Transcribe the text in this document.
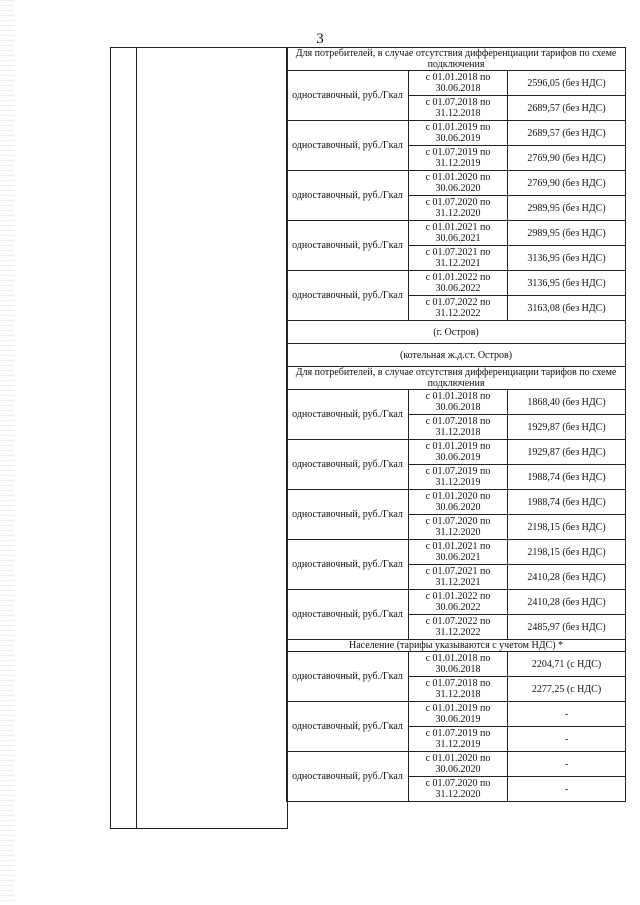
3
Для потребителей, в случае отсутствия дифференциации тарифов по схеме подключения		
одноставочный, руб./Гкал	с 01.01.2018 по 30.06.2018	2596,05 (без НДС)
	с 01.07.2018 по 31.12.2018	2689,57 (без НДС)
одноставочный, руб./Гкал	с 01.01.2019 по 30.06.2019	2689,57 (без НДС)
	с 01.07.2019 по 31.12.2019	2769,90 (без НДС)
одноставочный, руб./Гкал	с 01.01.2020 по 30.06.2020	2769,90 (без НДС)
	с 01.07.2020 по 31.12.2020	2989,95 (без НДС)
одноставочный, руб./Гкал	с 01.01.2021 по 30.06.2021	2989,95 (без НДС)
	с 01.07.2021 по 31.12.2021	3136,95 (без НДС)
одноставочный, руб./Гкал	с 01.01.2022 по 30.06.2022	3136,95 (без НДС)
	с 01.07.2022 по 31.12.2022	3163,08 (без НДС)
(г. Остров)		
(котельная ж.д.ст. Остров)		
Для потребителей, в случае отсутствия дифференциации тарифов по схеме подключения		
одноставочный, руб./Гкал	с 01.01.2018 по 30.06.2018	1868,40 (без НДС)
	с 01.07.2018 по 31.12.2018	1929,87 (без НДС)
одноставочный, руб./Гкал	с 01.01.2019 по 30.06.2019	1929,87 (без НДС)
	с 01.07.2019 по 31.12.2019	1988,74 (без НДС)
одноставочный, руб./Гкал	с 01.01.2020 по 30.06.2020	1988,74 (без НДС)
	с 01.07.2020 по 31.12.2020	2198,15 (без НДС)
одноставочный, руб./Гкал	с 01.01.2021 по 30.06.2021	2198,15 (без НДС)
	с 01.07.2021 по 31.12.2021	2410,28 (без НДС)
одноставочный, руб./Гкал	с 01.01.2022 по 30.06.2022	2410,28 (без НДС)
	с 01.07.2022 по 31.12.2022	2485,97 (без НДС)
Население (тарифы указываются с учетом НДС) *		
одноставочный, руб./Гкал	с 01.01.2018 по 30.06.2018	2204,71 (с НДС)
	с 01.07.2018 по 31.12.2018	2277,25 (с НДС)
одноставочный, руб./Гкал	с 01.01.2019 по 30.06.2019	-
	с 01.07.2019 по 31.12.2019	-
одноставочный, руб./Гкал	с 01.01.2020 по 30.06.2020	-
	с 01.07.2020 по 31.12.2020	-
